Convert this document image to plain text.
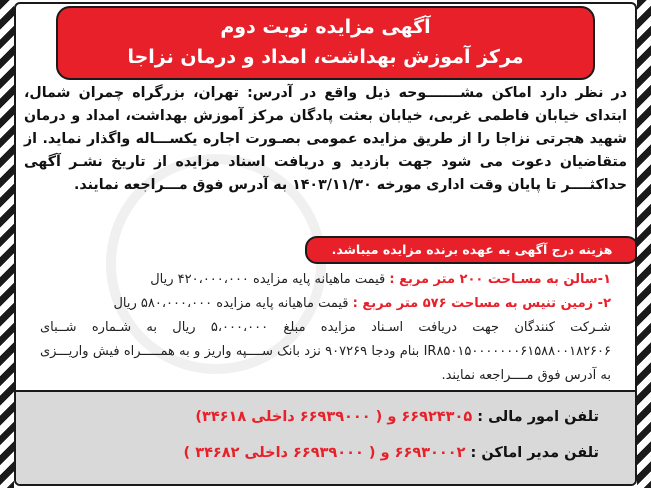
آگهی مزایده نوبت دوم
مرکز آموزش بهداشت، امداد و درمان نزاجا

در نظر دارد اماکن مشـــــــوحه ذیل واقع در آدرس: تهران، بزرگراه چمران شمال، ابتدای خیابان فاطمی غربی، خیابان بعثت پادگان مرکز آموزش بهداشت، امداد و درمان شهید هجرتی نزاجا را از طریق مزایده عمومی بصـورت اجاره یکســـاله واگذار نماید. از متقاضیان دعوت می شود جهت بازدید و دریافت اسناد مزایده از تاریخ نشـر آگهی حداکثــــر تا پایان وقت اداری مورخه ۱۴۰۳/۱۱/۳۰ به آدرس فوق مـــراجعه نمایند.

هزینه درج آگهی به عهده برنده مزایده میباشد.
۱-سالن به مسـاحت ۲۰۰ متر مربع : قیمت ماهیانه پایه مزایده ۴۲۰،۰۰۰،۰۰۰ ریال
۲- زمین تنیس به مساحت ۵۷۶ متر مربع : قیمت ماهیانه پایه مزایده ۵۸۰،۰۰۰،۰۰۰ ریال
شـرکت کنندگان جهت دریافت اسـناد مزایده مبلغ ۵،۰۰۰،۰۰۰ ریال به شـماره شــبای IR۸۵۰۱۵۰۰۰۰۰۰۰۶۱۵۸۸۰۰۱۸۲۶۰۶ بنام ودجا ۹۰۷۲۶۹ نزد بانک ســــپه واریز و به همـــــراه فیش واریـــزی به آدرس فوق مــــراجعه نمایند.
تلفن امور مالی : ۶۶۹۲۴۳۰۵ و ( ۶۶۹۳۹۰۰۰ داخلی ۳۴۶۱۸)
تلفن مدیر اماکن : ۶۶۹۳۰۰۰۲ و ( ۶۶۹۳۹۰۰۰ داخلی ۳۴۶۸۲ )
